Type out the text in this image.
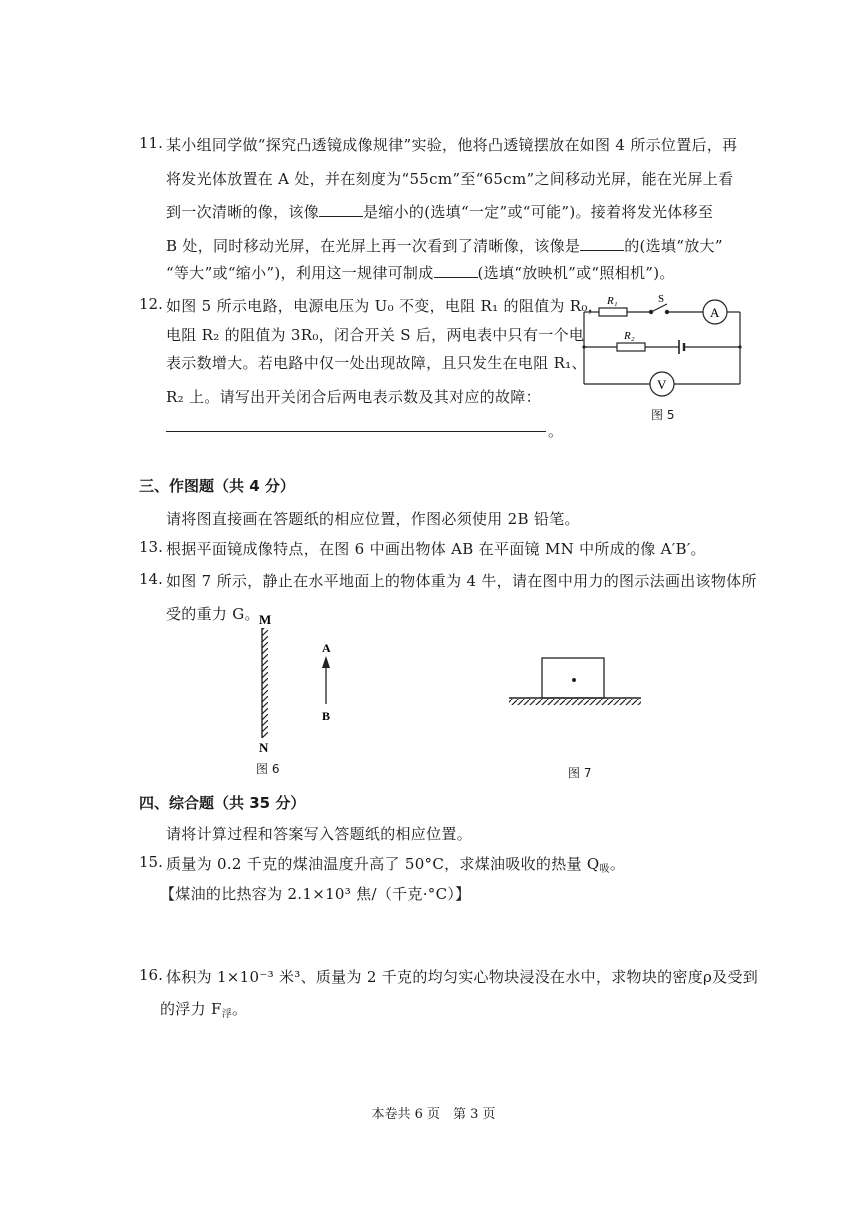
11. 某小组同学做“探究凸透镜成像规律”实验，他将凸透镜摆放在如图 4 所示位置后，再
将发光体放置在 A 处，并在刻度为“55cm”至“65cm”之间移动光屏，能在光屏上看
到一次清晰的像，该像	是缩小的(选填“一定”或“可能”)。接着将发光体移至
B 处，同时移动光屏，在光屏上再一次看到了清晰像，该像是	的(选填“放大”
“等大”或“缩小”)，利用这一规律可制成	(选填“放映机”或“照相机”)。
12. 如图 5 所示电路，电源电压为 U₀ 不变，电阻 R₁ 的阻值为 R₀，
电阻 R₂ 的阻值为 3R₀，闭合开关 S 后，两电表中只有一个电
表示数增大。若电路中仅一处出现故障，且只发生在电阻 R₁、
R₂ 上。请写出开关闭合后两电表示数及其对应的故障：
。
R₁	S
A
R₂
V
图 5
三、作图题（共 4 分）
请将图直接画在答题纸的相应位置，作图必须使用 2B 铅笔。
13. 根据平面镜成像特点，在图 6 中画出物体 AB 在平面镜 MN 中所成的像 A′B′。
14. 如图 7 所示，静止在水平地面上的物体重为 4 牛，请在图中用力的图示法画出该物体所
受的重力 G。 M
N
A
B
图 6	图 7
四、综合题（共 35 分）
请将计算过程和答案写入答题纸的相应位置。
15. 质量为 0.2 千克的煤油温度升高了 50°C，求煤油吸收的热量 $Q_吸$。
【煤油的比热容为 2.1×10³ 焦/（千克·°C）】
16. 体积为 1×10⁻³ 米³、质量为 2 千克的均匀实心物块浸没在水中，求物块的密度ρ及受到
的浮力 $F_浮$。
本卷共 6 页　第 3 页
